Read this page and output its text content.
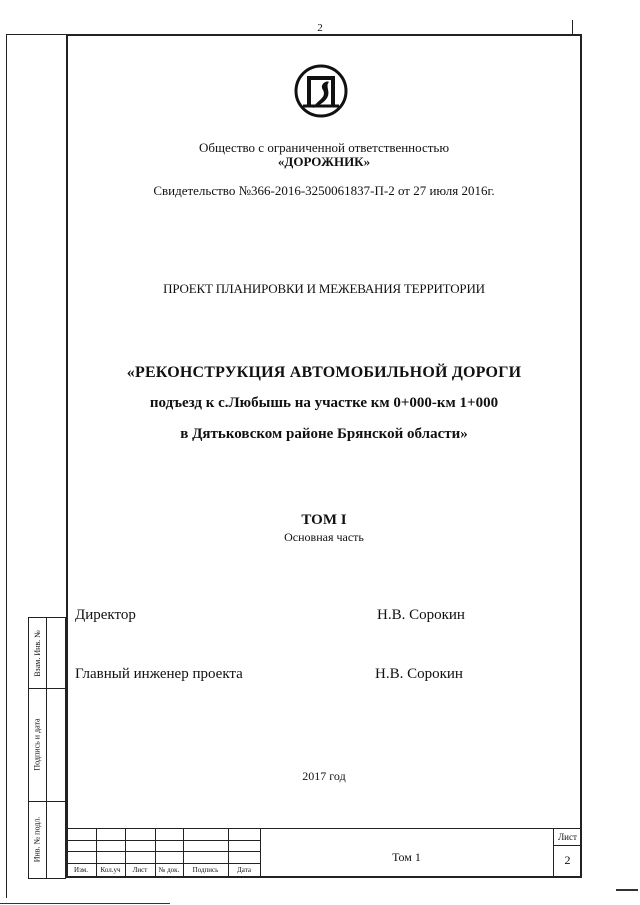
2
Общество с ограниченной ответственностью
«ДОРОЖНИК»
Свидетельство №366-2016-3250061837-П-2 от 27 июля 2016г.
ПРОЕКТ ПЛАНИРОВКИ И МЕЖЕВАНИЯ ТЕРРИТОРИИ
«РЕКОНСТРУКЦИЯ АВТОМОБИЛЬНОЙ ДОРОГИ
подъезд к с.Любышь на участке км 0+000-км 1+000
в Дятьковском районе Брянской области»
ТОМ I
Основная часть
Директор	Н.В. Сорокин
Главный инженер проекта	Н.В. Сорокин
2017 год
Взам. Инв. №
Подпись и дата
Инв. № подл.
Изм.	Кол.уч	Лист	№ док.	Подпись	Дата
Том 1
Лист
2
